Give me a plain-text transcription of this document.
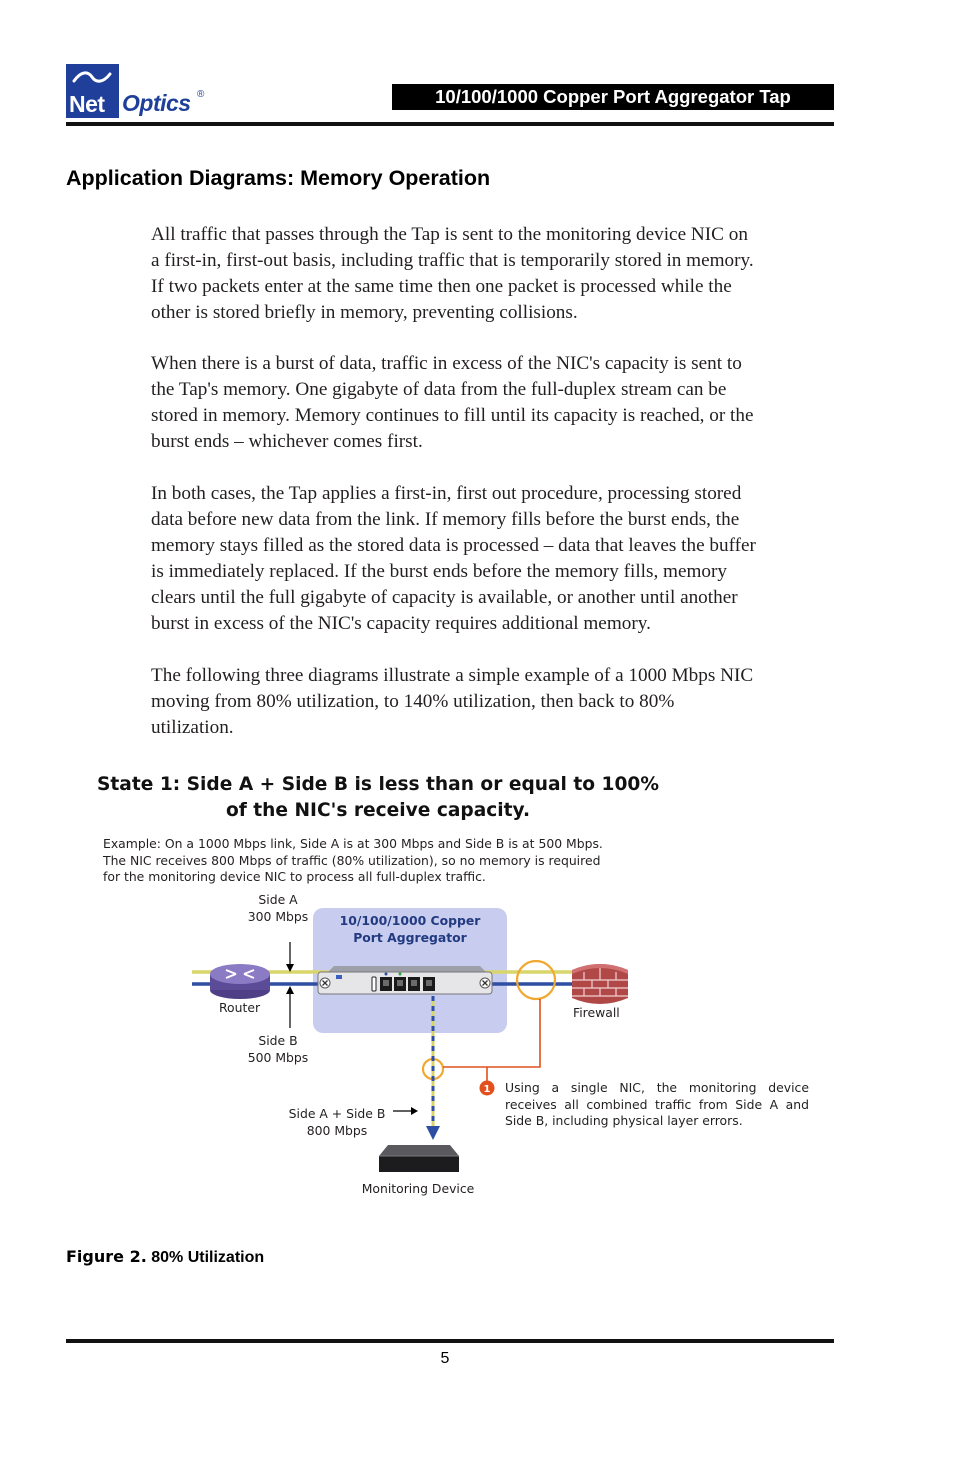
Net Optics ®	10/100/1000 Copper Port Aggregator Tap
Application Diagrams: Memory Operation

All traffic that passes through the Tap is sent to the monitoring device NIC on
a first-in, first-out basis, including traffic that is temporarily stored in memory.
If two packets enter at the same time then one packet is processed while the
other is stored briefly in memory, preventing collisions.

When there is a burst of data, traffic in excess of the NIC's capacity is sent to
the Tap's memory. One gigabyte of data from the full-duplex stream can be
stored in memory. Memory continues to fill until its capacity is reached, or the
burst ends – whichever comes first.

In both cases, the Tap applies a first-in, first out procedure, processing stored
data before new data from the link. If memory fills before the burst ends, the
memory stays filled as the stored data is processed – data that leaves the buffer
is immediately replaced. If the burst ends before the memory fills, memory
clears until the full gigabyte of capacity is available, or another until another
burst in excess of the NIC's capacity requires additional memory.

The following three diagrams illustrate a simple example of a 1000 Mbps NIC
moving from 80% utilization, to 140% utilization, then back to 80%
utilization.

State 1: Side A + Side B is less than or equal to 100%
of the NIC's receive capacity.

Example: On a 1000 Mbps link, Side A is at 300 Mbps and Side B is at 500 Mbps.
The NIC receives 800 Mbps of traffic (80% utilization), so no memory is required
for the monitoring device NIC to process all full-duplex traffic.

1

Side A
300 Mbps	10/100/1000 Copper
Port Aggregator

Router	Firewall

Side B
500 Mbps

Side A + Side B
800 Mbps

Monitoring Device

Using a single NIC, the monitoring device receives all combined traffic from Side A and Side B, including physical layer errors.

Figure 2. 80% Utilization

5
